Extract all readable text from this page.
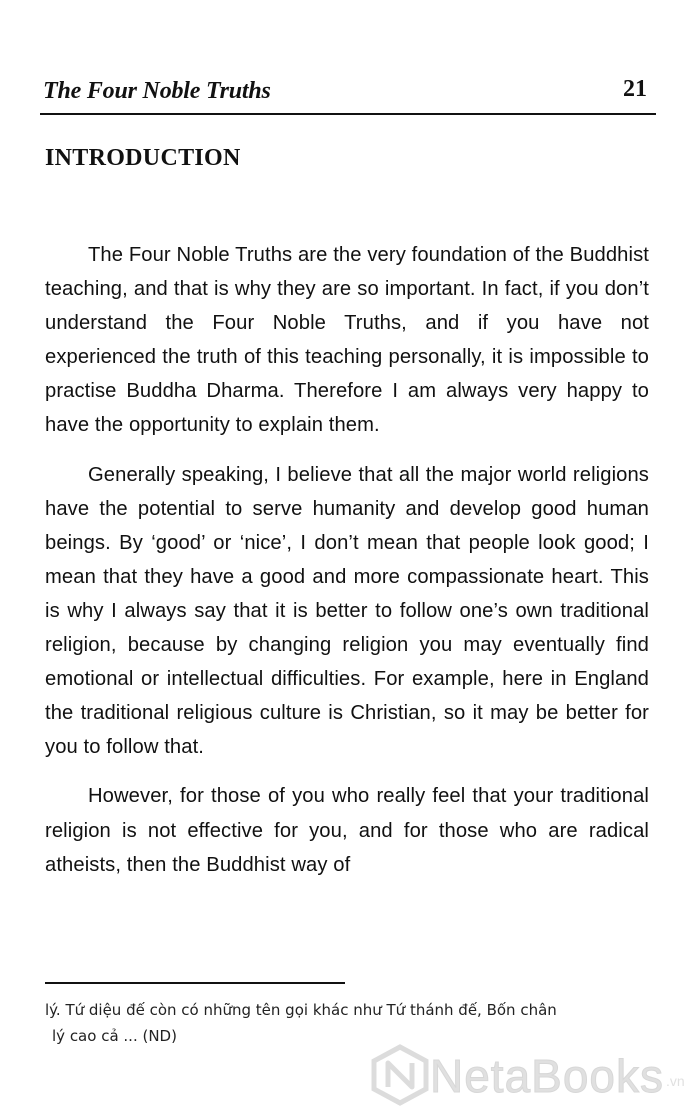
The Four Noble Truths	21
INTRODUCTION

The Four Noble Truths are the very foundation of the Buddhist teaching, and that is why they are so important. In fact, if you don’t understand the Four Noble Truths, and if you have not experienced the truth of this teaching personally, it is impossible to practise Buddha Dharma. Therefore I am always very happy to have the opportunity to explain them.

Generally speaking, I believe that all the major world religions have the potential to serve humanity and develop good human beings. By ‘good’ or ‘nice’, I don’t mean that people look good; I mean that they have a good and more compassionate heart. This is why I always say that it is better to follow one’s own traditional religion, because by changing religion you may eventually find emotional or intellectual difficulties. For example, here in England the traditional religious culture is Christian, so it may be better for you to follow that.

However, for those of you who really feel that your traditional religion is not effective for you, and for those who are radical atheists, then the Buddhist way of

lý. Tứ diệu đế còn có những tên gọi khác như Tứ thánh đế, Bốn chân
lý cao cả ... (ND)
NetaBooks .vn
